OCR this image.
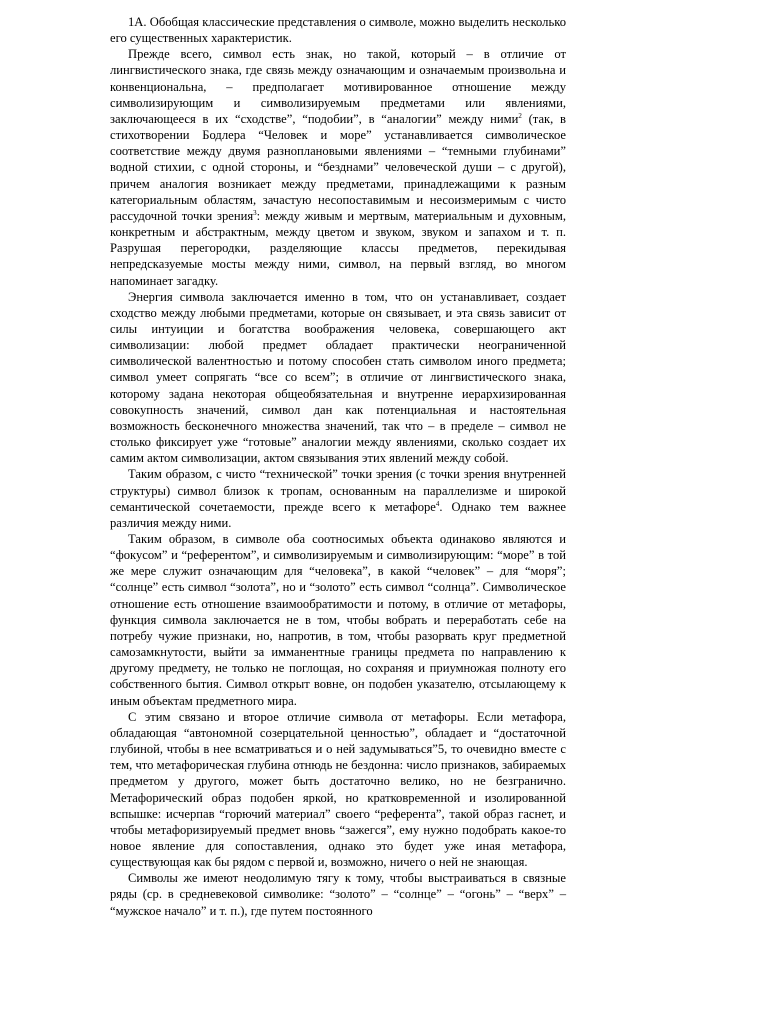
1А. Обобщая классические представления о символе, можно выделить несколько его существенных характеристик.

Прежде всего, символ есть знак, но такой, который – в отличие от лингвистического знака, где связь между означающим и означаемым произвольна и конвенциональна, – предполагает мотивированное отношение между символизирующим и символизируемым предметами или явлениями, заключающееся в их “сходстве”, “подобии”, в “аналогии” между ними$^2$ (так, в стихотворении Бодлера “Человек и море” устанавливается символическое соответствие между двумя разноплановыми явлениями – “темными глубинами” водной стихии, с одной стороны, и “безднами” человеческой души – с другой), причем аналогия возникает между предметами, принадлежащими к разным категориальным областям, зачастую несопоставимым и несоизмеримым с чисто рассудочной точки зрения$^3$: между живым и мертвым, материальным и духовным, конкретным и абстрактным, между цветом и звуком, звуком и запахом и т. п. Разрушая перегородки, разделяющие классы предметов, перекидывая непредсказуемые мосты между ними, символ, на первый взгляд, во многом напоминает загадку.

Энергия символа заключается именно в том, что он устанавливает, создает сходство между любыми предметами, которые он связывает, и эта связь зависит от силы интуиции и богатства воображения человека, совершающего акт символизации: любой предмет обладает практически неограниченной символической валентностью и потому способен стать символом иного предмета; символ умеет сопрягать “все со всем”; в отличие от лингвистического знака, которому задана некоторая общеобязательная и внутренне иерархизированная совокупность значений, символ дан как потенциальная и настоятельная возможность бесконечного множества значений, так что – в пределе – символ не столько фиксирует уже “готовые” аналогии между явлениями, сколько создает их самим актом символизации, актом связывания этих явлений между собой.

Таким образом, с чисто “технической” точки зрения (с точки зрения внутренней структуры) символ близок к тропам, основанным на параллелизме и широкой семантической сочетаемости, прежде всего к метафоре$^4$. Однако тем важнее различия между ними.

Таким образом, в символе оба соотносимых объекта одинаково являются и “фокусом” и “референтом”, и символизируемым и символизирующим: “море” в той же мере служит означающим для “человека”, в какой “человек” – для “моря”; “солнце” есть символ “золота”, но и “золото” есть символ “солнца”. Символическое отношение есть отношение взаимообратимости и потому, в отличие от метафоры, функция символа заключается не в том, чтобы вобрать и переработать себе на потребу чужие признаки, но, напротив, в том, чтобы разорвать круг предметной самозамкнутости, выйти за имманентные границы предмета по направлению к другому предмету, не только не поглощая, но сохраняя и приумножая полноту его собственного бытия. Символ открыт вовне, он подобен указателю, отсылающему к иным объектам предметного мира.

С этим связано и второе отличие символа от метафоры. Если метафора, обладающая “автономной созерцательной ценностью”, обладает и “достаточной глубиной, чтобы в нее всматриваться и о ней задумываться”5, то очевидно вместе с тем, что метафорическая глубина отнюдь не бездонна: число признаков, забираемых предметом у другого, может быть достаточно велико, но не безгранично. Метафорический образ подобен яркой, но кратковременной и изолированной вспышке: исчерпав “горючий материал” своего “референта”, такой образ гаснет, и чтобы метафоризируемый предмет вновь “зажегся”, ему нужно подобрать какое-то новое явление для сопоставления, однако это будет уже иная метафора, существующая как бы рядом с первой и, возможно, ничего о ней не знающая.

Символы же имеют неодолимую тягу к тому, чтобы выстраиваться в связные ряды (ср. в средневековой символике: “золото” – “солнце” – “огонь” – “верх” – “мужское начало” и т. п.), где путем постоянного
